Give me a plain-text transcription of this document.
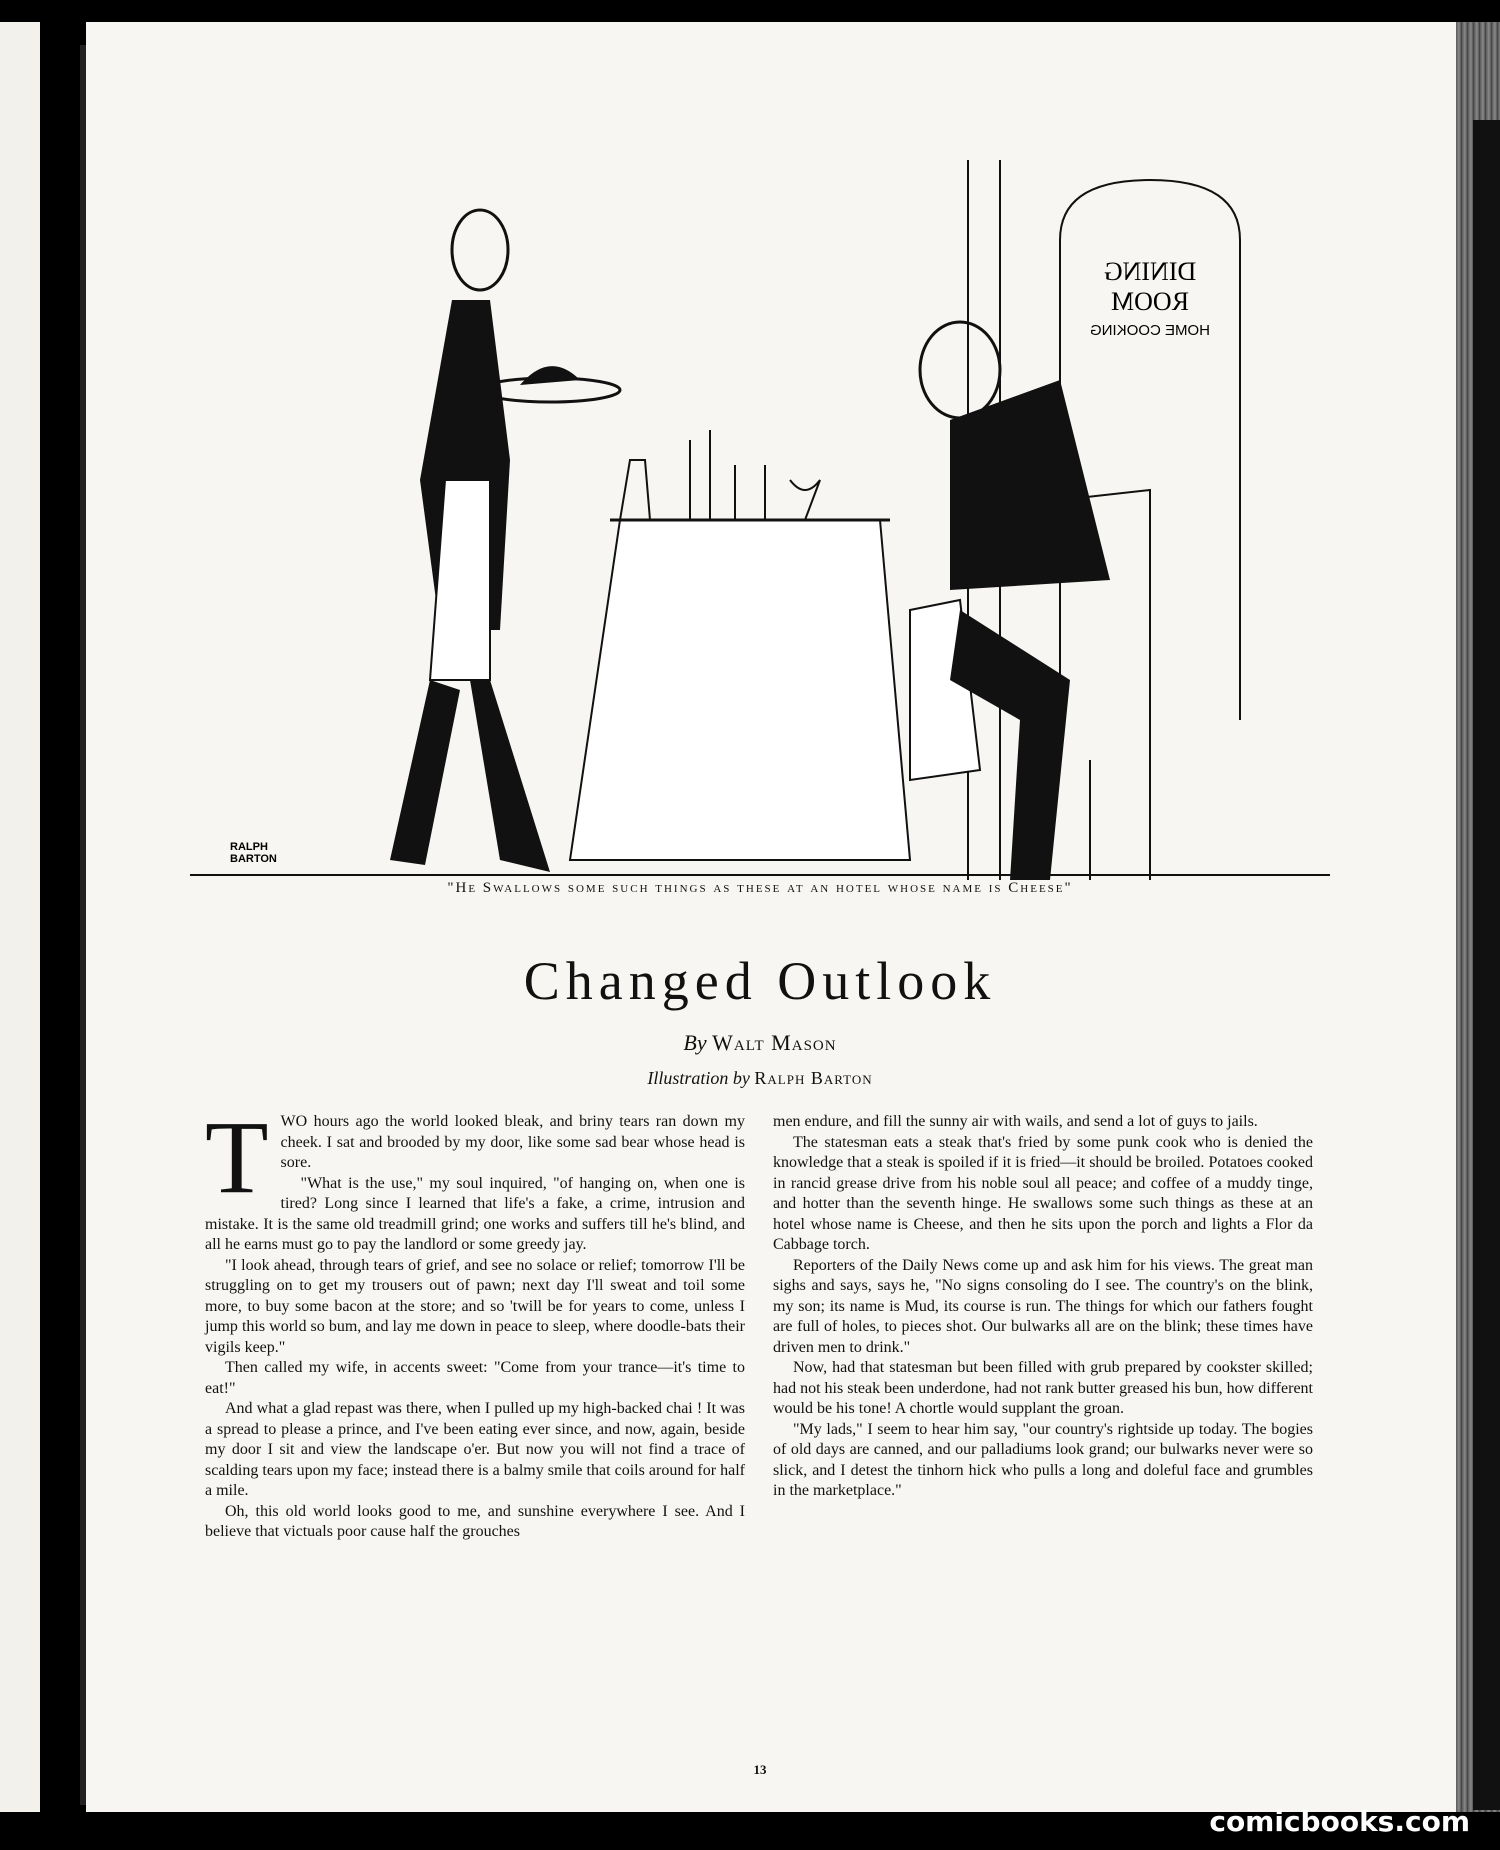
DINING
ROOM
HOME COOKING
RALPH
BARTON
"He Swallows some such things as these at an hotel whose name is Cheese"
Changed Outlook
By Walt Mason
Illustration by Ralph Barton

TWO hours ago the world looked bleak, and briny tears ran down my cheek. I sat and brooded by my door, like some sad bear whose head is sore.

"What is the use," my soul inquired, "of hanging on, when one is tired? Long since I learned that life's a fake, a crime, intrusion and mistake. It is the same old treadmill grind; one works and suffers till he's blind, and all he earns must go to pay the landlord or some greedy jay.

"I look ahead, through tears of grief, and see no solace or relief; tomorrow I'll be struggling on to get my trousers out of pawn; next day I'll sweat and toil some more, to buy some bacon at the store; and so 'twill be for years to come, unless I jump this world so bum, and lay me down in peace to sleep, where doodle-bats their vigils keep."

Then called my wife, in accents sweet: "Come from your trance—it's time to eat!"

And what a glad repast was there, when I pulled up my high-backed chai ! It was a spread to please a prince, and I've been eating ever since, and now, again, beside my door I sit and view the landscape o'er. But now you will not find a trace of scalding tears upon my face; instead there is a balmy smile that coils around for half a mile.

Oh, this old world looks good to me, and sunshine everywhere I see. And I believe that victuals poor cause half the grouches

men endure, and fill the sunny air with wails, and send a lot of guys to jails.

The statesman eats a steak that's fried by some punk cook who is denied the knowledge that a steak is spoiled if it is fried—it should be broiled. Potatoes cooked in rancid grease drive from his noble soul all peace; and coffee of a muddy tinge, and hotter than the seventh hinge. He swallows some such things as these at an hotel whose name is Cheese, and then he sits upon the porch and lights a Flor da Cabbage torch.

Reporters of the Daily News come up and ask him for his views. The great man sighs and says, says he, "No signs consoling do I see. The country's on the blink, my son; its name is Mud, its course is run. The things for which our fathers fought are full of holes, to pieces shot. Our bulwarks all are on the blink; these times have driven men to drink."

Now, had that statesman but been filled with grub prepared by cookster skilled; had not his steak been underdone, had not rank butter greased his bun, how different would be his tone! A chortle would supplant the groan.

"My lads," I seem to hear him say, "our country's rightside up today. The bogies of old days are canned, and our palladiums look grand; our bulwarks never were so slick, and I detest the tinhorn hick who pulls a long and doleful face and grumbles in the marketplace."

13
comicbooks.com
